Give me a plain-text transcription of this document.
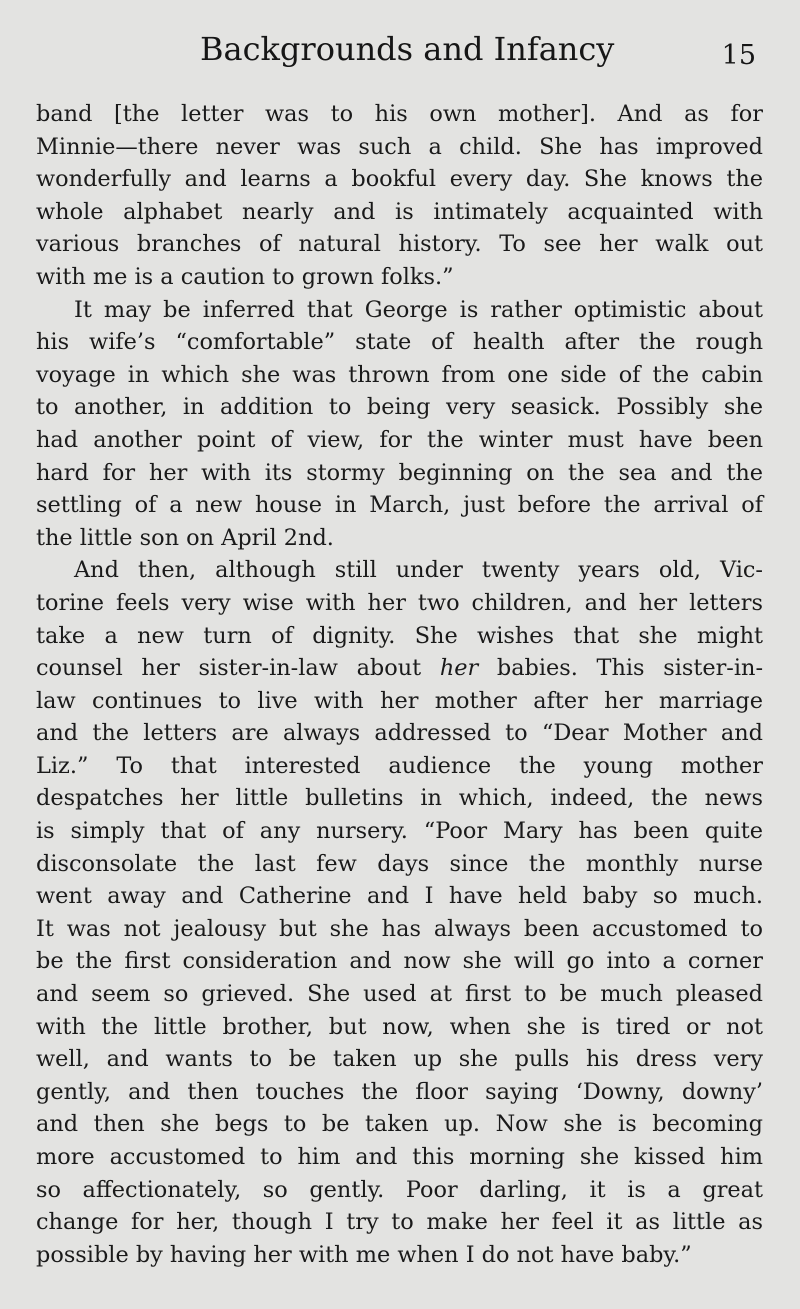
Backgrounds and Infancy	15
band [the letter was to his own mother]. And as for
Minnie—there never was such a child. She has improved
wonderfully and learns a bookful every day. She knows the
whole alphabet nearly and is intimately acquainted with
various branches of natural history. To see her walk out
with me is a caution to grown folks.”
It may be inferred that George is rather optimistic about
his wife’s “comfortable” state of health after the rough
voyage in which she was thrown from one side of the cabin
to another, in addition to being very seasick. Possibly she
had another point of view, for the winter must have been
hard for her with its stormy beginning on the sea and the
settling of a new house in March, just before the arrival of
the little son on April 2nd.
And then, although still under twenty years old, Vic-
torine feels very wise with her two children, and her letters
take a new turn of dignity. She wishes that she might
counsel her sister-in-law about her babies. This sister-in-
law continues to live with her mother after her marriage
and the letters are always addressed to “Dear Mother and
Liz.” To that interested audience the young mother
despatches her little bulletins in which, indeed, the news
is simply that of any nursery. “Poor Mary has been quite
disconsolate the last few days since the monthly nurse
went away and Catherine and I have held baby so much.
It was not jealousy but she has always been accustomed to
be the first consideration and now she will go into a corner
and seem so grieved. She used at first to be much pleased
with the little brother, but now, when she is tired or not
well, and wants to be taken up she pulls his dress very
gently, and then touches the floor saying ‘Downy, downy’
and then she begs to be taken up. Now she is becoming
more accustomed to him and this morning she kissed him
so affectionately, so gently. Poor darling, it is a great
change for her, though I try to make her feel it as little as
possible by having her with me when I do not have baby.”
